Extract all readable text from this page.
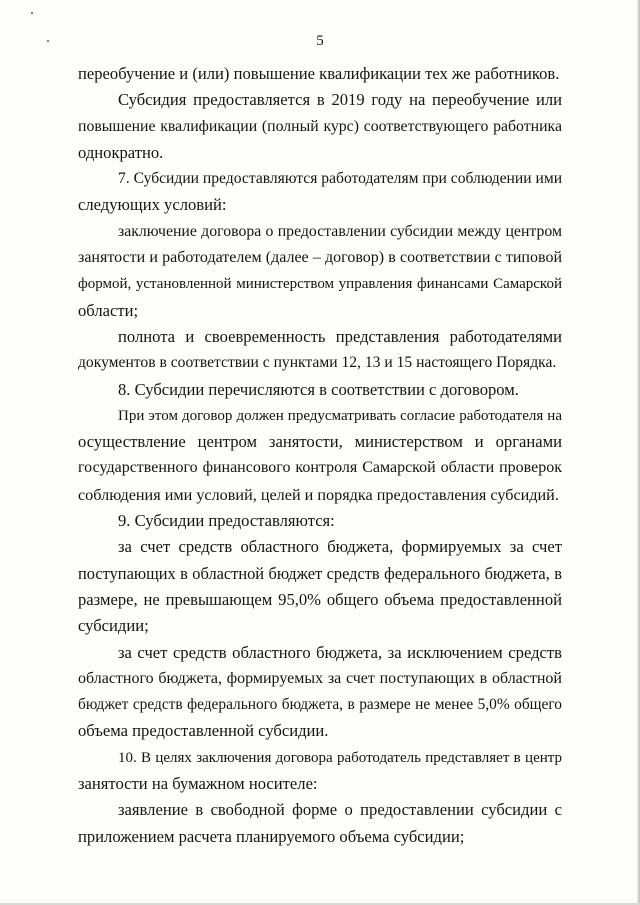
5

переобучение и (или) повышение квалификации тех же работников.

Субсидия предоставляется в 2019 году на переобучение или

повышение квалификации (полный курс) соответствующего работника

однократно.

7. Субсидии предоставляются работодателям при соблюдении ими

следующих условий:

заключение договора о предоставлении субсидии между центром

занятости и работодателем (далее – договор) в соответствии с типовой

формой, установленной министерством управления финансами Самарской

области;

полнота и своевременность представления работодателями

документов в соответствии с пунктами 12, 13 и 15 настоящего Порядка.

8. Субсидии перечисляются в соответствии с договором.

При этом договор должен предусматривать согласие работодателя на

осуществление центром занятости, министерством и органами

государственного финансового контроля Самарской области проверок

соблюдения ими условий, целей и порядка предоставления субсидий.

9. Субсидии предоставляются:

за счет средств областного бюджета, формируемых за счет

поступающих в областной бюджет средств федерального бюджета, в

размере, не превышающем 95,0% общего объема предоставленной

субсидии;

за счет средств областного бюджета, за исключением средств

областного бюджета, формируемых за счет поступающих в областной

бюджет средств федерального бюджета, в размере не менее 5,0% общего

объема предоставленной субсидии.

10. В целях заключения договора работодатель представляет в центр

занятости на бумажном носителе:

заявление в свободной форме о предоставлении субсидии с

приложением расчета планируемого объема субсидии;
